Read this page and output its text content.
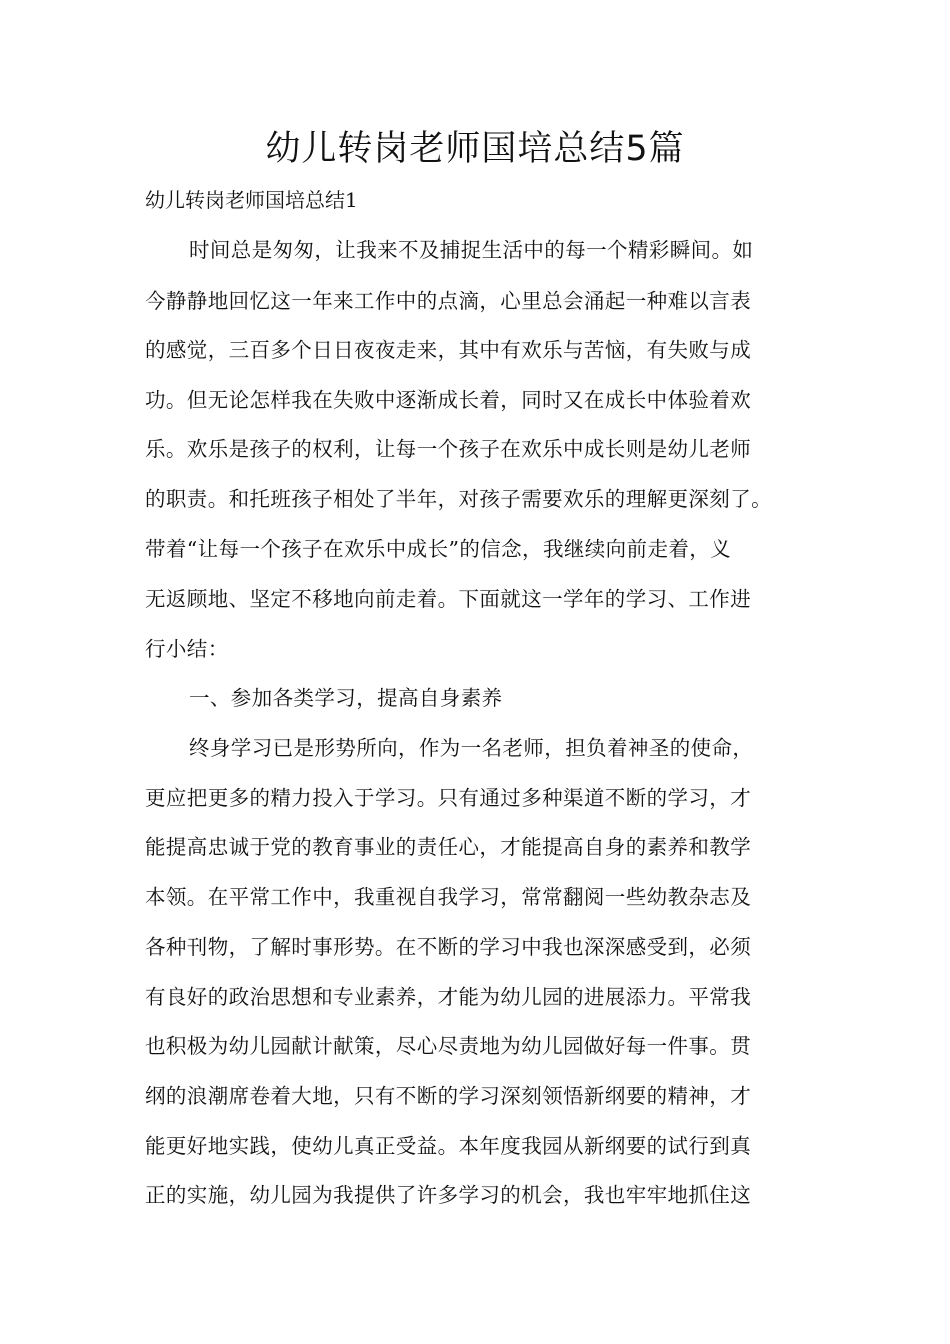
幼儿转岗老师国培总结5篇

幼儿转岗老师国培总结1

时间总是匆匆，让我来不及捕捉生活中的每一个精彩瞬间。如

今静静地回忆这一年来工作中的点滴，心里总会涌起一种难以言表

的感觉，三百多个日日夜夜走来，其中有欢乐与苦恼，有失败与成

功。但无论怎样我在失败中逐渐成长着，同时又在成长中体验着欢

乐。欢乐是孩子的权利，让每一个孩子在欢乐中成长则是幼儿老师

的职责。和托班孩子相处了半年，对孩子需要欢乐的理解更深刻了。

带着“让每一个孩子在欢乐中成长”的信念，我继续向前走着，义

无返顾地、坚定不移地向前走着。下面就这一学年的学习、工作进

行小结：

一、参加各类学习，提高自身素养

终身学习已是形势所向，作为一名老师，担负着神圣的使命，

更应把更多的精力投入于学习。只有通过多种渠道不断的学习，才

能提高忠诚于党的教育事业的责任心，才能提高自身的素养和教学

本领。在平常工作中，我重视自我学习，常常翻阅一些幼教杂志及

各种刊物，了解时事形势。在不断的学习中我也深深感受到，必须

有良好的政治思想和专业素养，才能为幼儿园的进展添力。平常我

也积极为幼儿园献计献策，尽心尽责地为幼儿园做好每一件事。贯

纲的浪潮席卷着大地，只有不断的学习深刻领悟新纲要的精神，才

能更好地实践，使幼儿真正受益。本年度我园从新纲要的试行到真

正的实施，幼儿园为我提供了许多学习的机会，我也牢牢地抓住这
